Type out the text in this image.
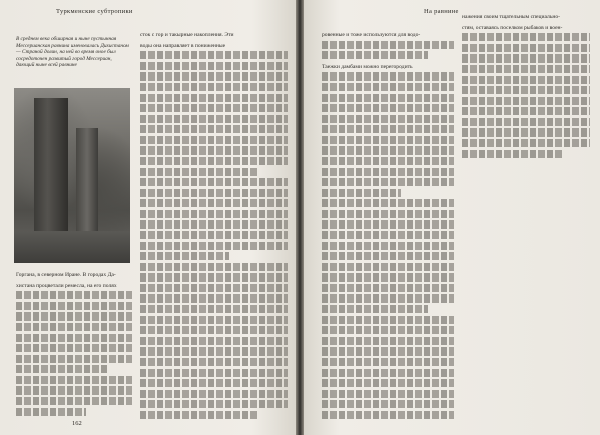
Туркменские субтропики
В среднем века обширная и ныне пустынная Мессерианская равнина именовалась Дихистаном — Страной долин, на ней во время оное был сосредоточен развитый город Мессериан, дающий ныне всей равнине
сток с гор и такырные накопления. Эти
воды она направляет в пониженные
Горгана, в северном Иране. В городах Да-
хистана процветали ремесла, на его полях
162
На равнине
ровенные и тоже используются для водо-
Таежки дамбами можно перегородить
нажения своим тщательным специально-
стям, оставаясь поселком рыбаков и воен-
